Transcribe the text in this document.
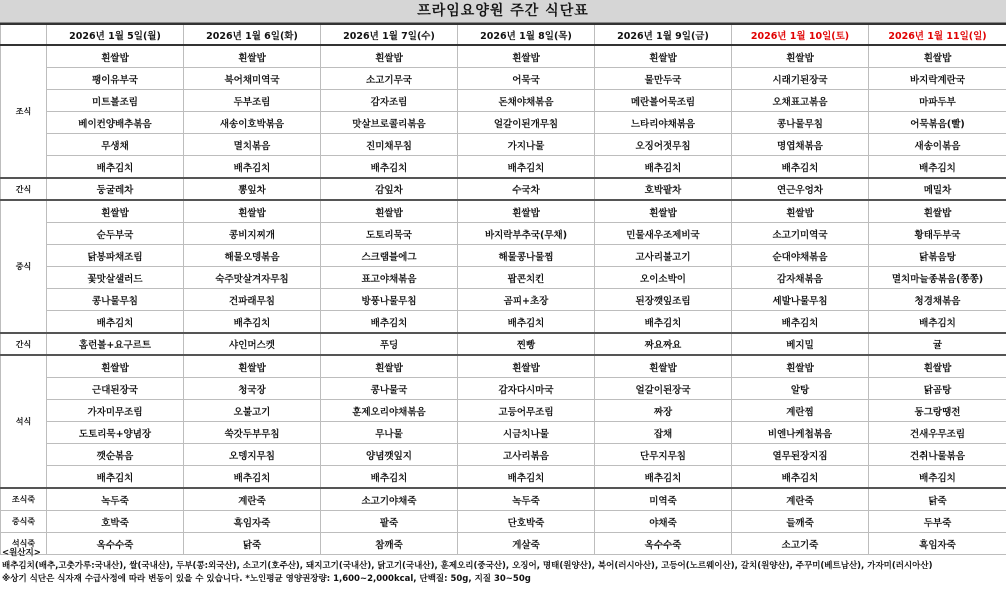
프라임요양원 주간 식단표
	2026년 1월 5일(월)	2026년 1월 6일(화)	2026년 1월 7일(수)	2026년 1월 8일(목)	2026년 1월 9일(금)	2026년 1월 10일(토)	2026년 1월 11일(일)
조식	흰쌀밥	흰쌀밥	흰쌀밥	흰쌀밥	흰쌀밥	흰쌀밥	흰쌀밥
	팽이유부국	북어채미역국	소고기무국	어묵국	물만두국	시래기된장국	바지락계란국
	미트볼조림	두부조림	감자조림	돈채야채볶음	메란볼어묵조림	오채표고볶음	마파두부
	베이컨양배추볶음	새송이호박볶음	맛살브로콜리볶음	얼갈이된개무침	느타리야채볶음	콩나물무침	어묵볶음(빨)
	무생채	멸치볶음	진미채무침	가지나물	오징어젓무침	명엽채볶음	새송이볶음
	배추김치	배추김치	배추김치	배추김치	배추김치	배추김치	배추김치
간식	둥굴레차	뽕잎차	감잎차	수국차	호박팥차	연근우엉차	메밀차
중식	흰쌀밥	흰쌀밥	흰쌀밥	흰쌀밥	흰쌀밥	흰쌀밥	흰쌀밥
	순두부국	콩비지찌개	도토리묵국	바지락부추국(무채)	민물새우조제비국	소고기미역국	황태두부국
	닭봉파채조림	해물오뎅볶음	스크램블에그	해물콩나물찜	고사리불고기	순대야채볶음	닭볶음탕
	꽃맛살샐러드	숙주맛살겨자무침	표고야채볶음	팝콘치킨	오이소박이	감자채볶음	멸치마늘종볶음(쫑쫑)
	콩나물무침	건파래무침	방풍나물무침	곰피+초장	된장깻잎조림	세발나물무침	청경채볶음
	배추김치	배추김치	배추김치	배추김치	배추김치	배추김치	배추김치
간식	홈런볼+요구르트	샤인머스켓	푸딩	찐빵	짜요짜요	베지밀	귤
석식	흰쌀밥	흰쌀밥	흰쌀밥	흰쌀밥	흰쌀밥	흰쌀밥	흰쌀밥
	근대된장국	청국장	콩나물국	감자다시마국	얼갈이된장국	알탕	닭곰탕
	가자미무조림	오불고기	훈제오리야채볶음	고등어무조림	짜장	계란찜	동그랑땡전
	도토리묵+양념장	쑥갓두부무침	무나물	시금치나물	잡채	비엔나케첩볶음	건새우무조림
	깻순볶음	오뎅지무침	양념깻잎지	고사리볶음	단무지무침	열무된장지짐	건취나물볶음
	배추김치	배추김치	배추김치	배추김치	배추김치	배추김치	배추김치
조식죽	녹두죽	계란죽	소고기야채죽	녹두죽	미역죽	계란죽	닭죽
중식죽	호박죽	흑임자죽	팥죽	단호박죽	야채죽	들깨죽	두부죽
석식죽	옥수수죽	닭죽	참깨죽	게살죽	옥수수죽	소고기죽	흑임자죽
<원산지>
배추김치(배추,고춧가루:국내산), 쌀(국내산), 두부(콩:외국산), 소고기(호주산), 돼지고기(국내산), 닭고기(국내산), 훈제오리(중국산), 오징어, 명태(원양산), 북어(러시아산), 고등어(노르웨이산), 갈치(원양산), 주꾸미(베트남산), 가자미(러시아산)
※상기 식단은 식자재 수급사정에 따라 변동이 있을 수 있습니다. *노인평균 영양권장량: 1,600~2,000kcal, 단백질: 50g, 지질 30~50g
